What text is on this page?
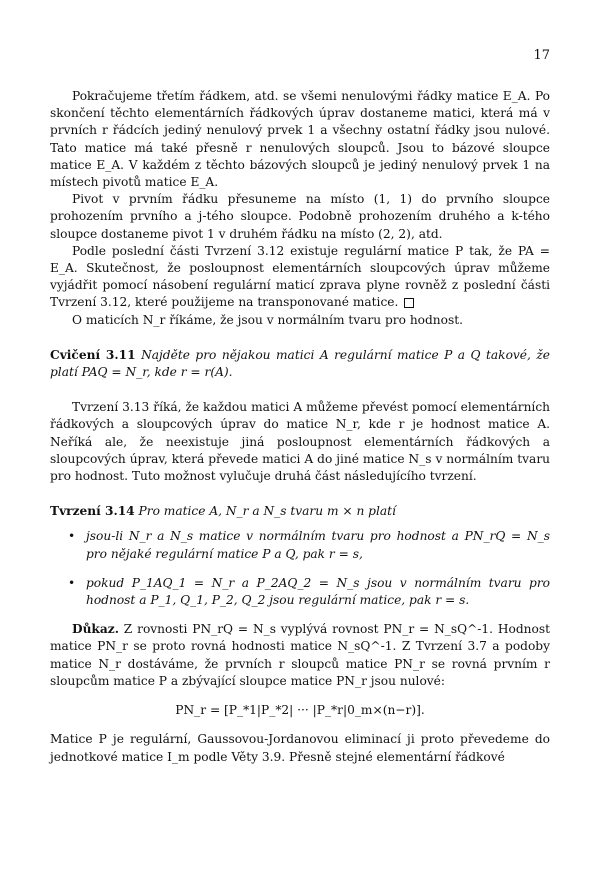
17

Pokračujeme třetím řádkem, atd. se všemi nenulovými řádky matice E_A. Po skončení těchto elementárních řádkových úprav dostaneme matici, která má v prvních r řádcích jediný nenulový prvek 1 a všechny ostatní řádky jsou nulové. Tato matice má také přesně r nenulových sloupců. Jsou to bázové sloupce matice E_A. V každém z těchto bázových sloupců je jediný nenulový prvek 1 na místech pivotů matice E_A.

Pivot v prvním řádku přesuneme na místo (1, 1) do prvního sloupce prohozením prvního a j-tého sloupce. Podobně prohozením druhého a k-tého sloupce dostaneme pivot 1 v druhém řádku na místo (2, 2), atd.

Podle poslední části Tvrzení 3.12 existuje regulární matice P tak, že PA = E_A. Skutečnost, že posloupnost elementárních sloupcových úprav můžeme vyjádřit pomocí násobení regulární maticí zprava plyne rovněž z poslední části Tvrzení 3.12, které použijeme na transponované matice.

O maticích N_r říkáme, že jsou v normálním tvaru pro hodnost.

Cvičení 3.11 Najděte pro nějakou matici A regulární matice P a Q takové, že platí PAQ = N_r, kde r = r(A).

Tvrzení 3.13 říká, že každou matici A můžeme převést pomocí elementárních řádkových a sloupcových úprav do matice N_r, kde r je hodnost matice A. Neříká ale, že neexistuje jiná posloupnost elementárních řádkových a sloupcových úprav, která převede matici A do jiné matice N_s v normálním tvaru pro hodnost. Tuto možnost vylučuje druhá část následujícího tvrzení.

Tvrzení 3.14 Pro matice A, N_r a N_s tvaru m × n platí

• jsou-li N_r a N_s matice v normálním tvaru pro hodnost a PN_rQ = N_s pro nějaké regulární matice P a Q, pak r = s,
• pokud P_1AQ_1 = N_r a P_2AQ_2 = N_s jsou v normálním tvaru pro hodnost a P_1, Q_1, P_2, Q_2 jsou regulární matice, pak r = s.

Důkaz. Z rovnosti PN_rQ = N_s vyplývá rovnost PN_r = N_sQ^-1. Hodnost matice PN_r se proto rovná hodnosti matice N_sQ^-1. Z Tvrzení 3.7 a podoby matice N_r dostáváme, že prvních r sloupců matice PN_r se rovná prvním r sloupcům matice P a zbývající sloupce matice PN_r jsou nulové:

PN_r = [P_*1|P_*2| ··· |P_*r|0_m×(n−r)].

Matice P je regulární, Gaussovou-Jordanovou eliminací ji proto převedeme do jednotkové matice I_m podle Věty 3.9. Přesně stejné elementární řádkové
